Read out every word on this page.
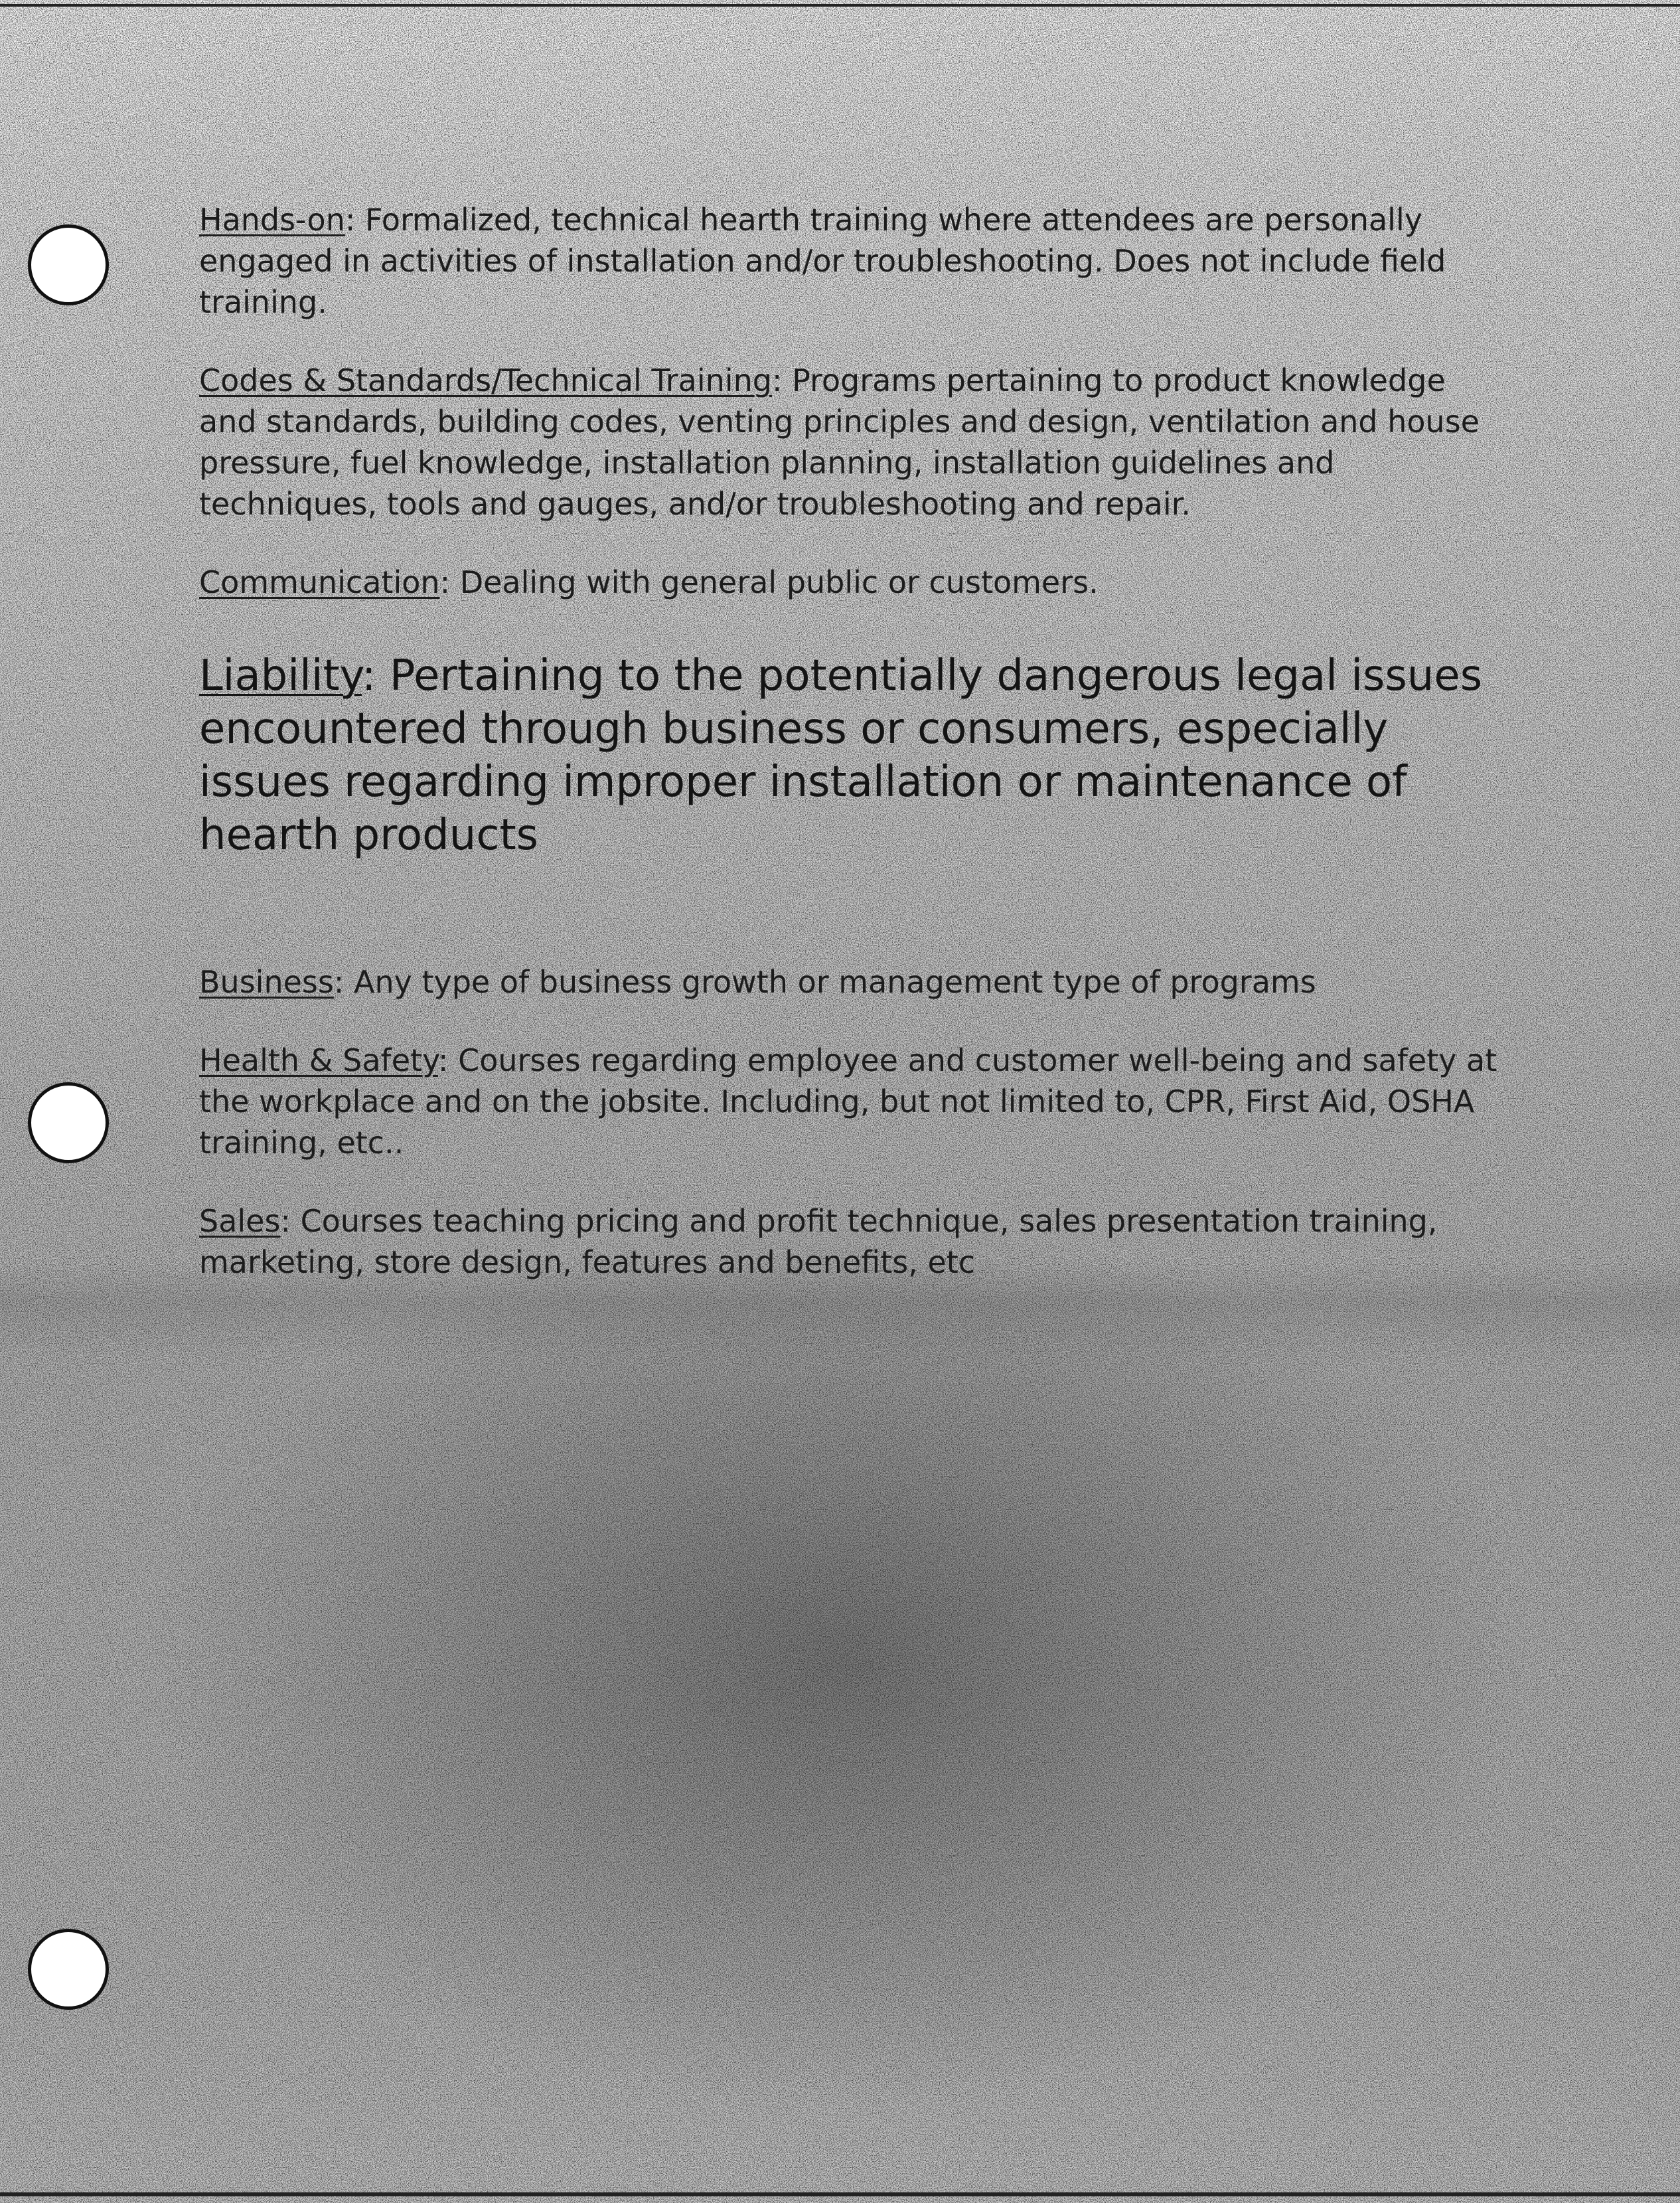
Hands-on: Formalized, technical hearth training where attendees are personally engaged in activities of installation and/or troubleshooting. Does not include field training.

Codes & Standards/Technical Training: Programs pertaining to product knowledge and standards, building codes, venting principles and design, ventilation and house pressure, fuel knowledge, installation planning, installation guidelines and techniques, tools and gauges, and/or troubleshooting and repair.

Communication: Dealing with general public or customers.

Liability: Pertaining to the potentially dangerous legal issues encountered through business or consumers, especially issues regarding improper installation or maintenance of hearth products

Business: Any type of business growth or management type of programs

Health & Safety: Courses regarding employee and customer well-being and safety at the workplace and on the jobsite. Including, but not limited to, CPR, First Aid, OSHA training, etc..

Sales: Courses teaching pricing and profit technique, sales presentation training, marketing, store design, features and benefits, etc
